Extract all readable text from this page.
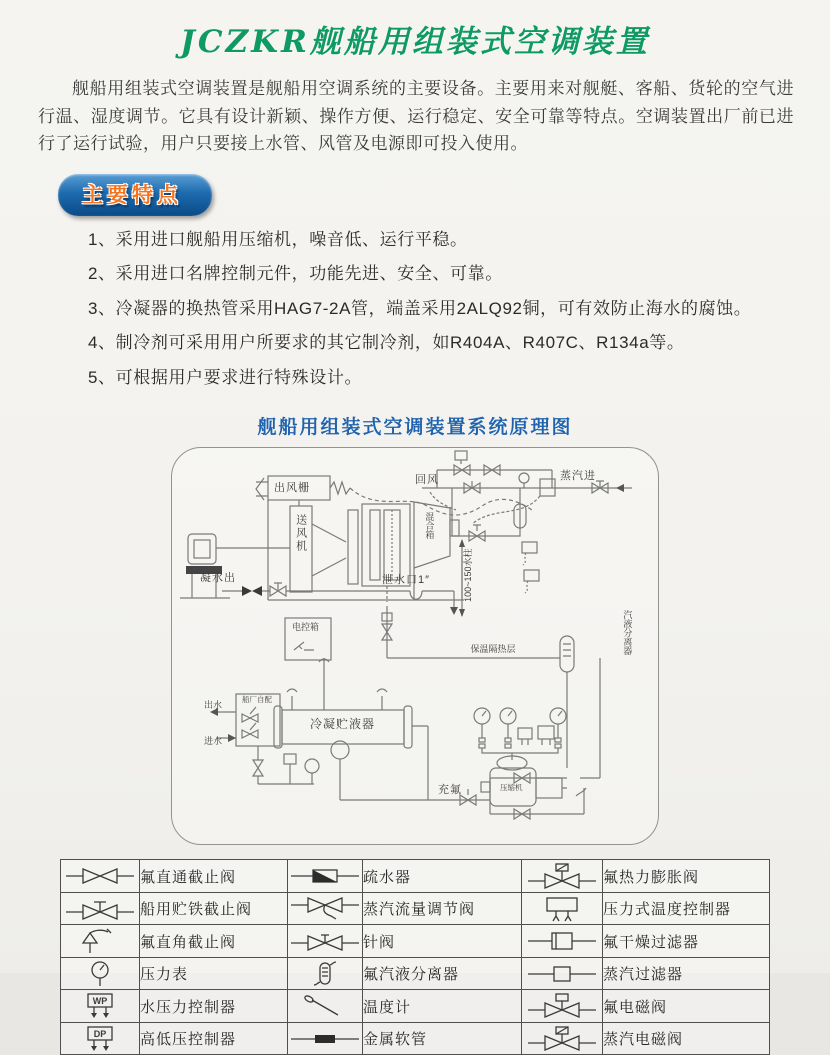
JCZKR舰船用组装式空调装置

舰船用组装式空调装置是舰船用空调系统的主要设备。主要用来对舰艇、客船、货轮的空气进行温、湿度调节。它具有设计新颖、操作方便、运行稳定、安全可靠等特点。空调装置出厂前已进行了运行试验，用户只要接上水管、风管及电源即可投入使用。

主要特点
1、采用进口舰船用压缩机，噪音低、运行平稳。
2、采用进口名牌控制元件，功能先进、安全、可靠。
3、冷凝器的换热管采用HAG7-2A管，端盖采用2ALQ92铜，可有效防止海水的腐蚀。
4、制冷剂可采用用户所要求的其它制冷剂，如R404A、R407C、R134a等。
5、可根据用户要求进行特殊设计。
舰船用组装式空调装置系统原理图
出风栅
送风机
回风	蒸汽进
混合箱
100~150水柱
凝水出	泄水口1″
电控箱
保温隔热层	汽液分离器
冷凝贮液器
出水
进水
船厂自配
充氟	压缩机
	氟直通截止阀		疏水器		氟热力膨胀阀

	船用贮铁截止阀		蒸汽流量调节阀		压力式温度控制器

	氟直角截止阀		针阀		氟干燥过滤器

	压力表		氟汽液分离器		蒸汽过滤器

WP	水压力控制器		温度计		氟电磁阀

DP	高低压控制器		金属软管		蒸汽电磁阀
